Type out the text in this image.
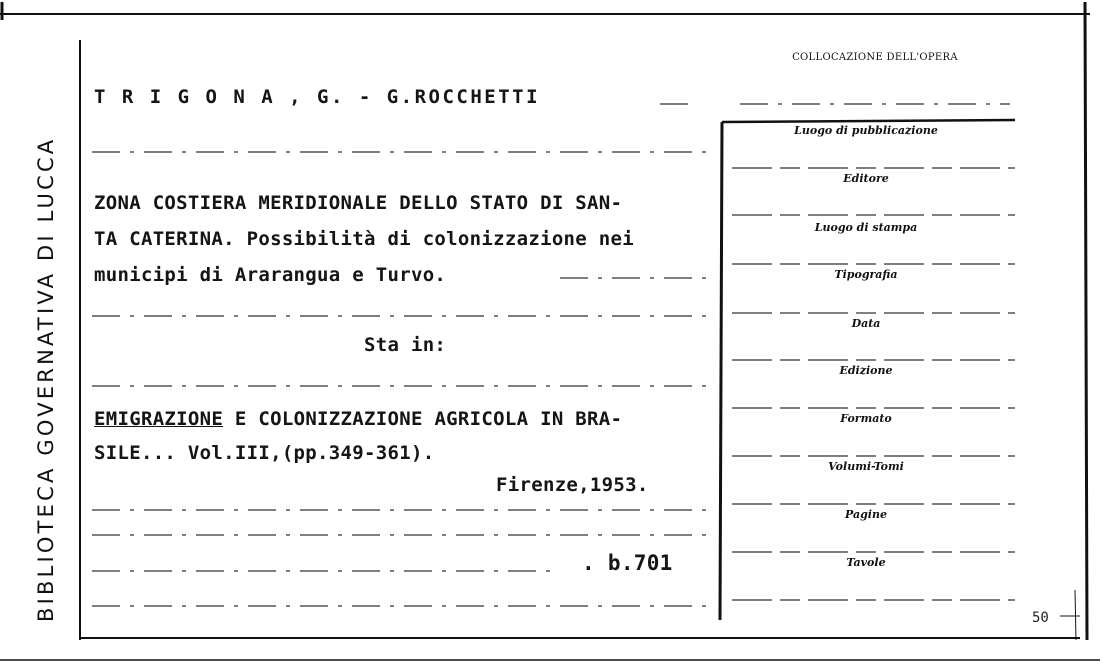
BIBLIOTECA GOVERNATIVA DI LUCCA
COLLOCAZIONE DELL'OPERA
T R I G O N A , G. - G.ROCCHETTI
ZONA COSTIERA MERIDIONALE DELLO STATO DI SAN-
TA CATERINA. Possibilità di colonizzazione nei
municipi di Ararangua e Turvo.
Sta in:
EMIGRAZIONE E COLONIZZAZIONE AGRICOLA IN BRA-
SILE... Vol.III,(pp.349-361).
Firenze,1953.
. b.701
Luogo di pubblicazione
Editore
Luogo di stampa
Tipografia
Data
Edizione
Formato
Volumi-Tomi
Pagine
Tavole
50
